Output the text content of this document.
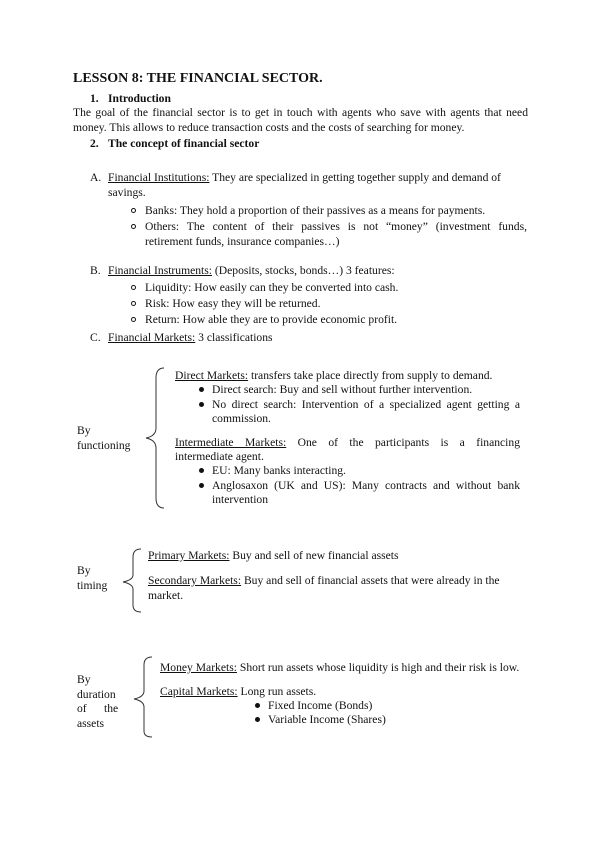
LESSON 8: THE FINANCIAL SECTOR.
1. Introduction
The goal of the financial sector is to get in touch with agents who save with agents that need
money. This allows to reduce transaction costs and the costs of searching for money.
2. The concept of financial sector
A. Financial Institutions: They are specialized in getting together supply and demand of
savings.
Banks: They hold a proportion of their passives as a means for payments.
Others: The content of their passives is not “money” (investment funds,
retirement funds, insurance companies…)
B. Financial Instruments: (Deposits, stocks, bonds…) 3 features:
Liquidity: How easily can they be converted into cash.
Risk: How easy they will be returned.
Return: How able they are to provide economic profit.
C. Financial Markets: 3 classifications
By
functioning
Direct Markets: transfers take place directly from supply to demand.
Direct search: Buy and sell without further intervention.
No direct search: Intervention of a specialized agent getting a
commission.
Intermediate Markets: One of the participants is a financing
intermediate agent.
EU: Many banks interacting.
Anglosaxon (UK and US): Many contracts and without bank
intervention
By
timing
Primary Markets: Buy and sell of new financial assets
Secondary Markets: Buy and sell of financial assets that were already in the
market.
By
duration
of the
assets
Money Markets: Short run assets whose liquidity is high and their risk is low.
Capital Markets: Long run assets.
Fixed Income (Bonds)
Variable Income (Shares)
